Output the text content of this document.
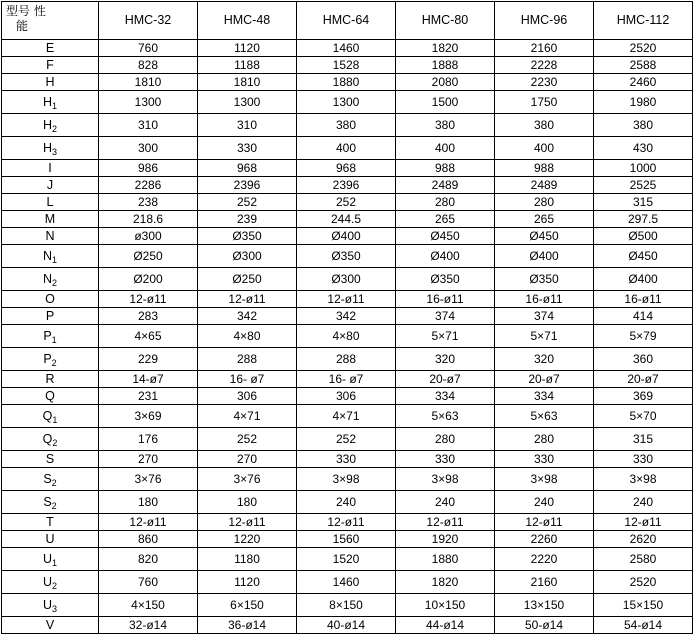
型号 性
能	HMC-32	HMC-48	HMC-64	HMC-80	HMC-96	HMC-112
E	760	1120	1460	1820	2160	2520
F	828	1188	1528	1888	2228	2588
H	1810	1810	1880	2080	2230	2460
$H_1$	1300	1300	1300	1500	1750	1980
$H_2$	310	310	380	380	380	380
$H_3$	300	330	400	400	400	430
I	986	968	968	988	988	1000
J	2286	2396	2396	2489	2489	2525
L	238	252	252	280	280	315
M	218.6	239	244.5	265	265	297.5
N	ø300	Ø350	Ø400	Ø450	Ø450	Ø500
$N_1$	Ø250	Ø300	Ø350	Ø400	Ø400	Ø450
$N_2$	Ø200	Ø250	Ø300	Ø350	Ø350	Ø400
O	12-ø11	12-ø11	12-ø11	16-ø11	16-ø11	16-ø11
P	283	342	342	374	374	414
$P_1$	4×65	4×80	4×80	5×71	5×71	5×79
$P_2$	229	288	288	320	320	360
R	14-ø7	16- ø7	16- ø7	20-ø7	20-ø7	20-ø7
Q	231	306	306	334	334	369
$Q_1$	3×69	4×71	4×71	5×63	5×63	5×70
$Q_2$	176	252	252	280	280	315
S	270	270	330	330	330	330
$S_2$	3×76	3×76	3×98	3×98	3×98	3×98
$S_2$	180	180	240	240	240	240
T	12-ø11	12-ø11	12-ø11	12-ø11	12-ø11	12-ø11
U	860	1220	1560	1920	2260	2620
$U_1$	820	1180	1520	1880	2220	2580
$U_2$	760	1120	1460	1820	2160	2520
$U_3$	4×150	6×150	8×150	10×150	13×150	15×150
V	32-ø14	36-ø14	40-ø14	44-ø14	50-ø14	54-ø14
